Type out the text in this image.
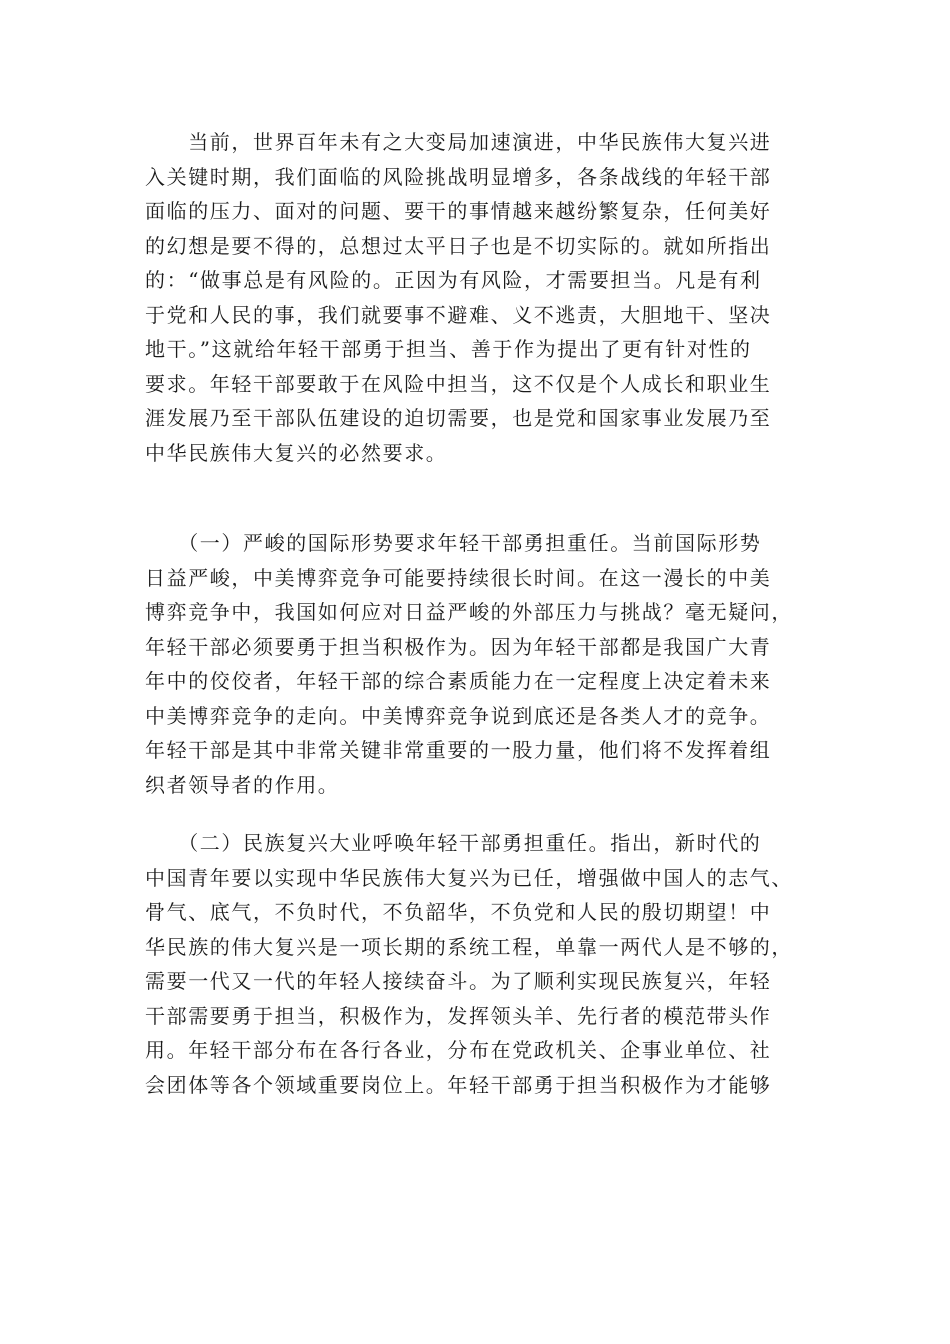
　　当前，世界百年未有之大变局加速演进，中华民族伟大复兴进
入关键时期，我们面临的风险挑战明显增多，各条战线的年轻干部
面临的压力、面对的问题、要干的事情越来越纷繁复杂，任何美好
的幻想是要不得的，总想过太平日子也是不切实际的。就如所指出
的：“做事总是有风险的。正因为有风险，才需要担当。凡是有利
于党和人民的事，我们就要事不避难、义不逃责，大胆地干、坚决
地干。”这就给年轻干部勇于担当、善于作为提出了更有针对性的
要求。年轻干部要敢于在风险中担当，这不仅是个人成长和职业生
涯发展乃至干部队伍建设的迫切需要，也是党和国家事业发展乃至
中华民族伟大复兴的必然要求。
　　（一）严峻的国际形势要求年轻干部勇担重任。当前国际形势
日益严峻，中美博弈竞争可能要持续很长时间。在这一漫长的中美
博弈竞争中，我国如何应对日益严峻的外部压力与挑战？毫无疑问，
年轻干部必须要勇于担当积极作为。因为年轻干部都是我国广大青
年中的佼佼者，年轻干部的综合素质能力在一定程度上决定着未来
中美博弈竞争的走向。中美博弈竞争说到底还是各类人才的竞争。
年轻干部是其中非常关键非常重要的一股力量，他们将不发挥着组
织者领导者的作用。
　　（二）民族复兴大业呼唤年轻干部勇担重任。指出，新时代的
中国青年要以实现中华民族伟大复兴为已任，增强做中国人的志气、
骨气、底气，不负时代，不负韶华，不负党和人民的殷切期望！中
华民族的伟大复兴是一项长期的系统工程，单靠一两代人是不够的，
需要一代又一代的年轻人接续奋斗。为了顺利实现民族复兴，年轻
干部需要勇于担当，积极作为，发挥领头羊、先行者的模范带头作
用。年轻干部分布在各行各业，分布在党政机关、企事业单位、社
会团体等各个领域重要岗位上。年轻干部勇于担当积极作为才能够
